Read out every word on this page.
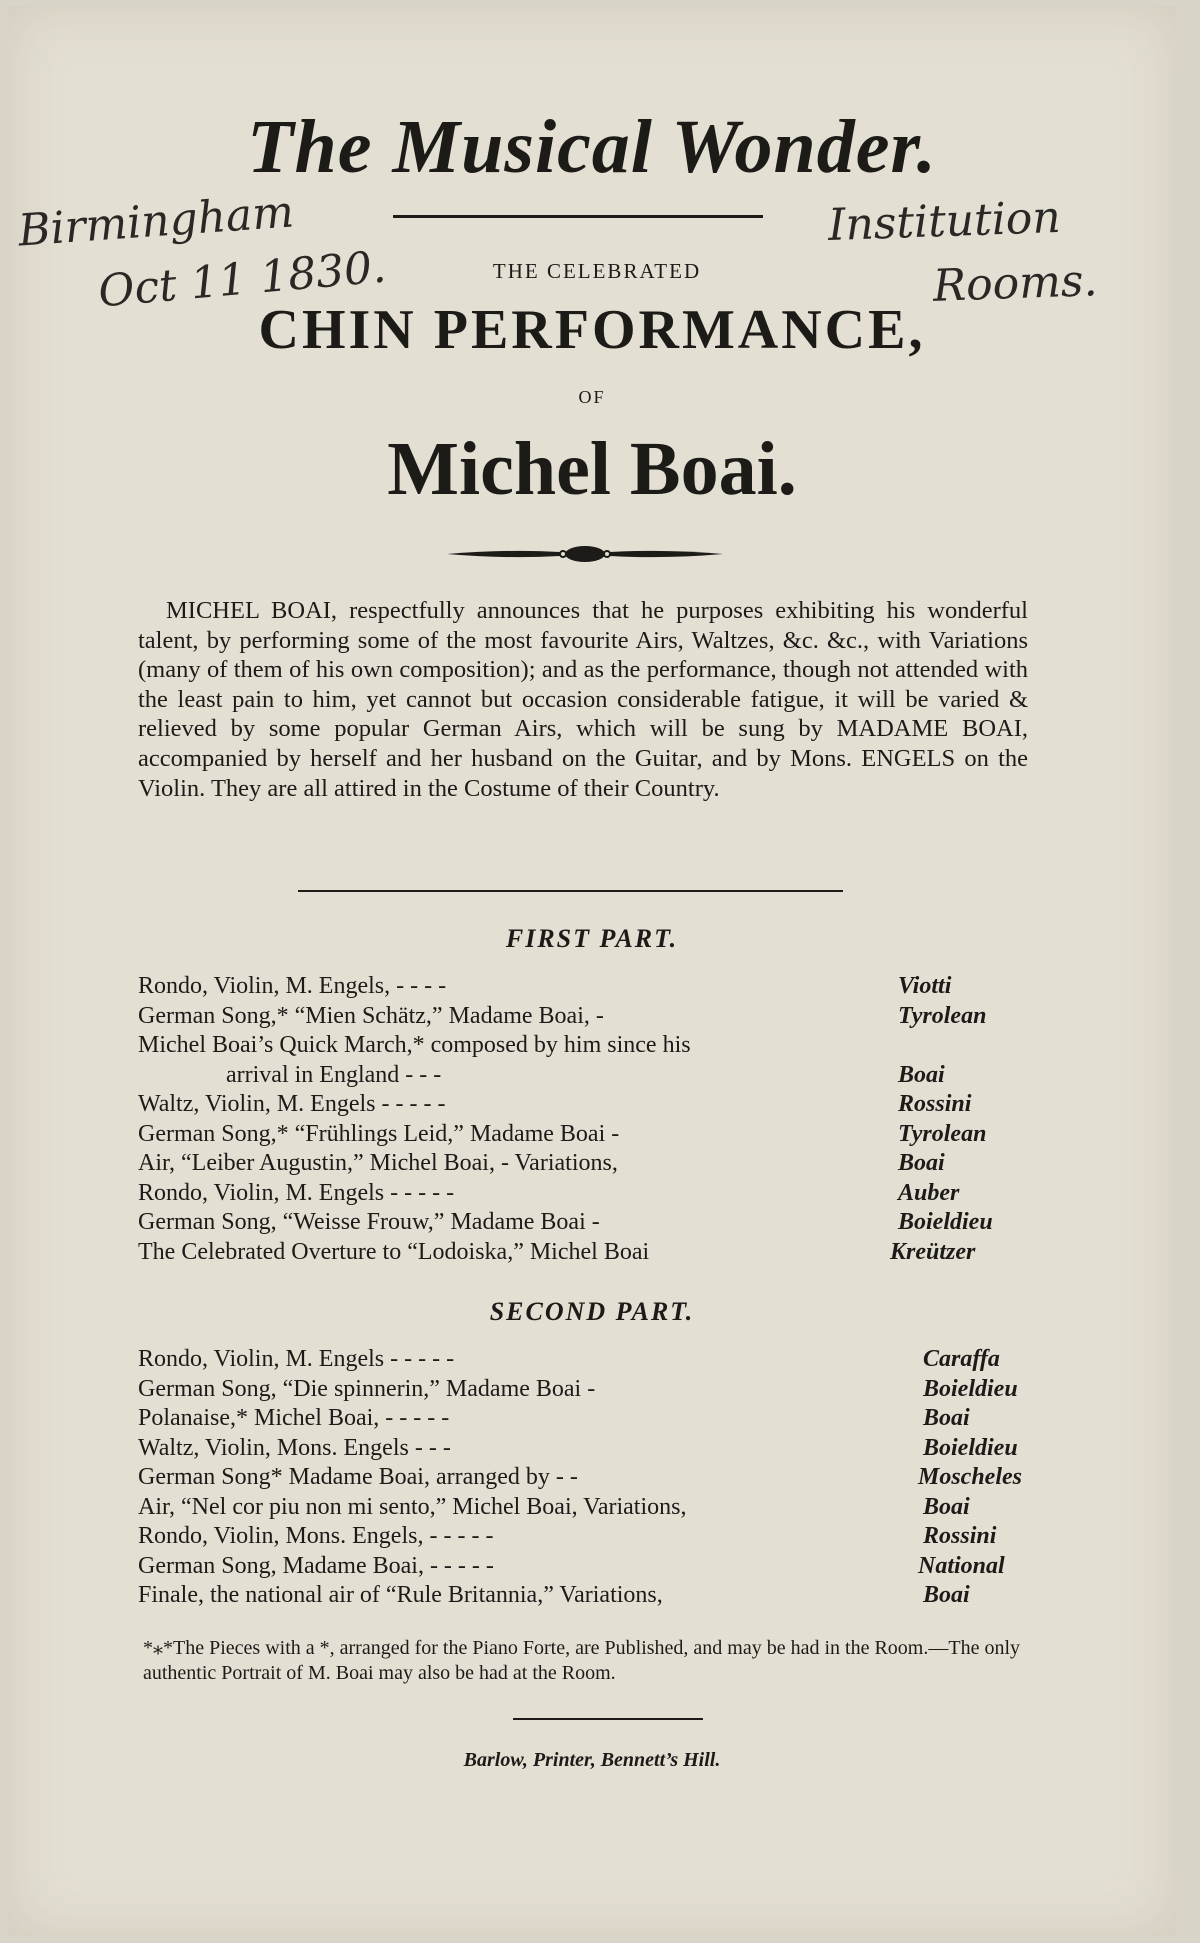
The Musical Wonder.
Birmingham
Oct 11 1830.
Institution
Rooms.
THE CELEBRATED
CHIN PERFORMANCE,
OF
Michel Boai.

MICHEL BOAI, respectfully announces that he purposes exhibiting his wonderful talent, by performing some of the most favourite Airs, Waltzes, &c. &c., with Variations (many of them of his own composition); and as the performance, though not attended with the least pain to him, yet cannot but occasion considerable fatigue, it will be varied & relieved by some popular German Airs, which will be sung by MADAME BOAI, accompanied by herself and her husband on the Guitar, and by Mons. ENGELS on the Violin. They are all attired in the Costume of their Country.

FIRST PART.
Rondo, Violin, M. Engels, - - - -	Viotti
German Song,* “Mien Schätz,” Madame Boai, -	Tyrolean
Michel Boai’s Quick March,* composed by him since his
arrival in England - - -	Boai
Waltz, Violin, M. Engels - - - - -	Rossini
German Song,* “Frühlings Leid,” Madame Boai -	Tyrolean
Air, “Leiber Augustin,” Michel Boai, - Variations,	Boai
Rondo, Violin, M. Engels - - - - -	Auber
German Song, “Weisse Frouw,” Madame Boai -	Boieldieu
The Celebrated Overture to “Lodoiska,” Michel Boai	Kreützer
SECOND PART.
Rondo, Violin, M. Engels - - - - -	Caraffa
German Song, “Die spinnerin,” Madame Boai -	Boieldieu
Polanaise,* Michel Boai, - - - - -	Boai
Waltz, Violin, Mons. Engels - - -	Boieldieu
German Song* Madame Boai, arranged by - -	Moscheles
Air, “Nel cor piu non mi sento,” Michel Boai, Variations,	Boai
Rondo, Violin, Mons. Engels, - - - - -	Rossini
German Song, Madame Boai, - - - - -	National
Finale, the national air of “Rule Britannia,” Variations,	Boai
*⁎*The Pieces with a *, arranged for the Piano Forte, are Published, and may be had in the Room.—The only authentic Portrait of M. Boai may also be had at the Room.
Barlow, Printer, Bennett’s Hill.
